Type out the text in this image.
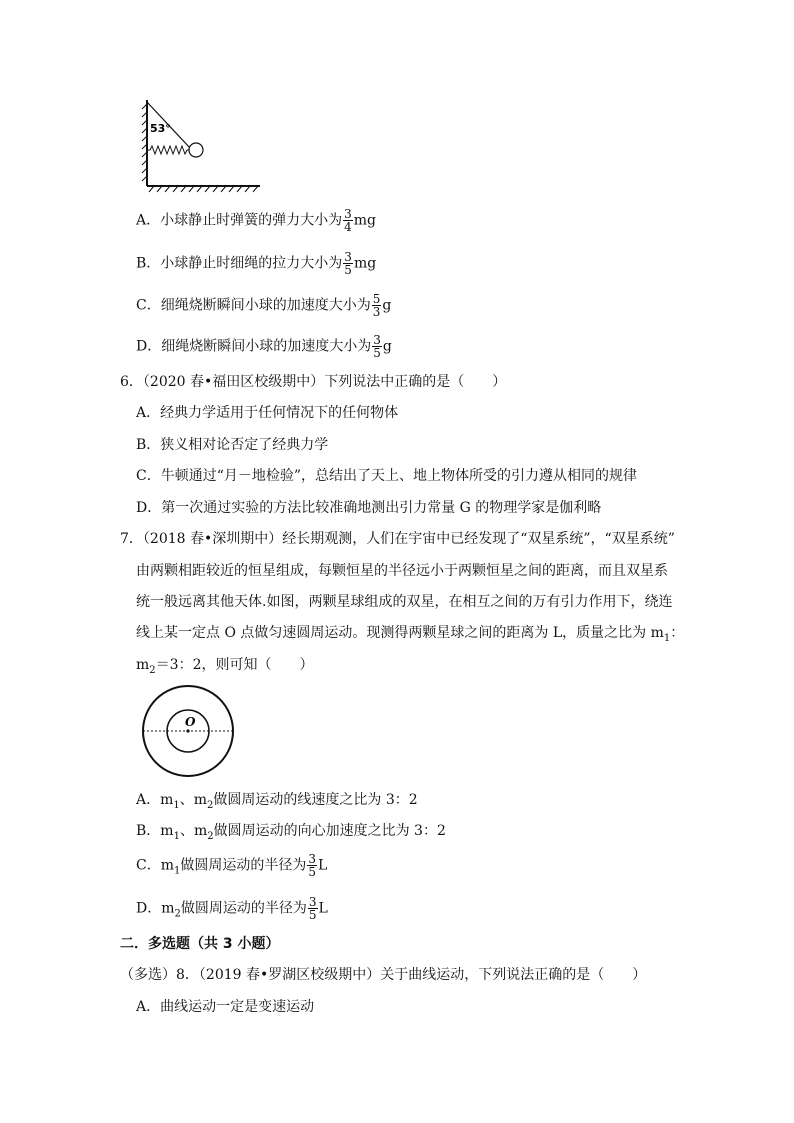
53°
A．小球静止时弹簧的弹力大小为 $\frac{3}{4}$ mg
B．小球静止时细绳的拉力大小为 $\frac{3}{5}$ mg
C．细绳烧断瞬间小球的加速度大小为 $\frac{5}{3}$ g
D．细绳烧断瞬间小球的加速度大小为 $\frac{3}{5}$ g
6．（2020 春•福田区校级期中）下列说法中正确的是（　　）
A．经典力学适用于任何情况下的任何物体
B．狭义相对论否定了经典力学
C．牛顿通过“月－地检验”，总结出了天上、地上物体所受的引力遵从相同的规律
D．第一次通过实验的方法比较准确地测出引力常量 G 的物理学家是伽利略
7．（2018 春•深圳期中）经长期观测，人们在宇宙中已经发现了“双星系统”，“双星系统”
由两颗相距较近的恒星组成，每颗恒星的半径远小于两颗恒星之间的距离，而且双星系
统一般远离其他天体.如图，两颗星球组成的双星，在相互之间的万有引力作用下，绕连
线上某一定点 O 点做匀速圆周运动。现测得两颗星球之间的距离为 L，质量之比为 $m_1$：
$m_2=3$：2，则可知（　　）
O
A．$m_1$、$m_2$做圆周运动的线速度之比为 3：2
B．$m_1$、$m_2$做圆周运动的向心加速度之比为 3：2
C．$m_1$做圆周运动的半径为 $\frac{3}{5}$ L
D．$m_2$做圆周运动的半径为 $\frac{3}{5}$ L
二．多选题（共 3 小题）
（多选）8．（2019 春•罗湖区校级期中）关于曲线运动，下列说法正确的是（　　）
A．曲线运动一定是变速运动
